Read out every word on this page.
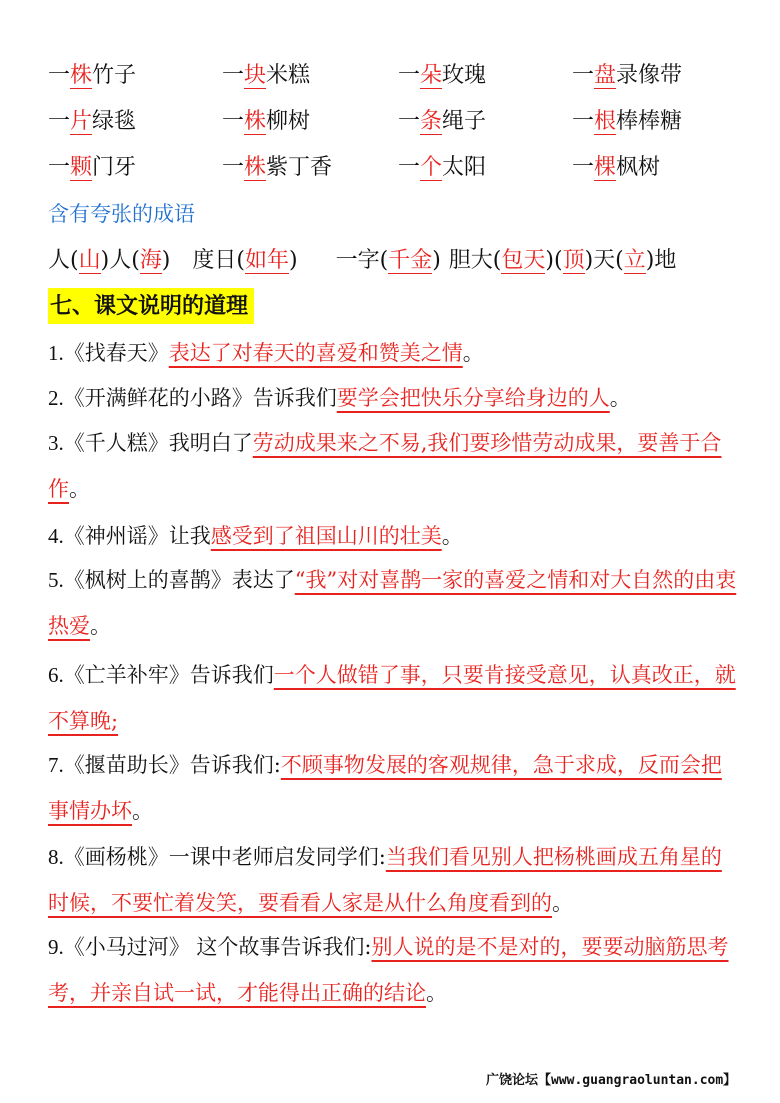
一株竹子	一块米糕	一朵玫瑰	一盘录像带
一片绿毯	一株柳树	一条绳子	一根棒棒糖
一颗门牙	一株紫丁香	一个太阳	一棵枫树
含有夸张的成语
人(山)人(海) 度日(如年) 一字(千金) 胆大(包天)(顶)天(立)地
七、课文说明的道理
1.《找春天》表达了对春天的喜爱和赞美之情。
2.《开满鲜花的小路》告诉我们要学会把快乐分享给身边的人。
3.《千人糕》我明白了劳动成果来之不易,我们要珍惜劳动成果，要善于合作。
4.《神州谣》让我感受到了祖国山川的壮美。
5.《枫树上的喜鹊》表达了“我”对对喜鹊一家的喜爱之情和对大自然的由衷热爱。
6.《亡羊补牢》告诉我们一个人做错了事，只要肯接受意见，认真改正，就不算晚;
7.《揠苗助长》告诉我们:不顾事物发展的客观规律，急于求成，反而会把事情办坏。
8.《画杨桃》一课中老师启发同学们:当我们看见别人把杨桃画成五角星的时候，不要忙着发笑，要看看人家是从什么角度看到的。
9.《小马过河》 这个故事告诉我们:别人说的是不是对的，要要动脑筋思考考，并亲自试一试，才能得出正确的结论。
广饶论坛【www.guangraoluntan.com】
